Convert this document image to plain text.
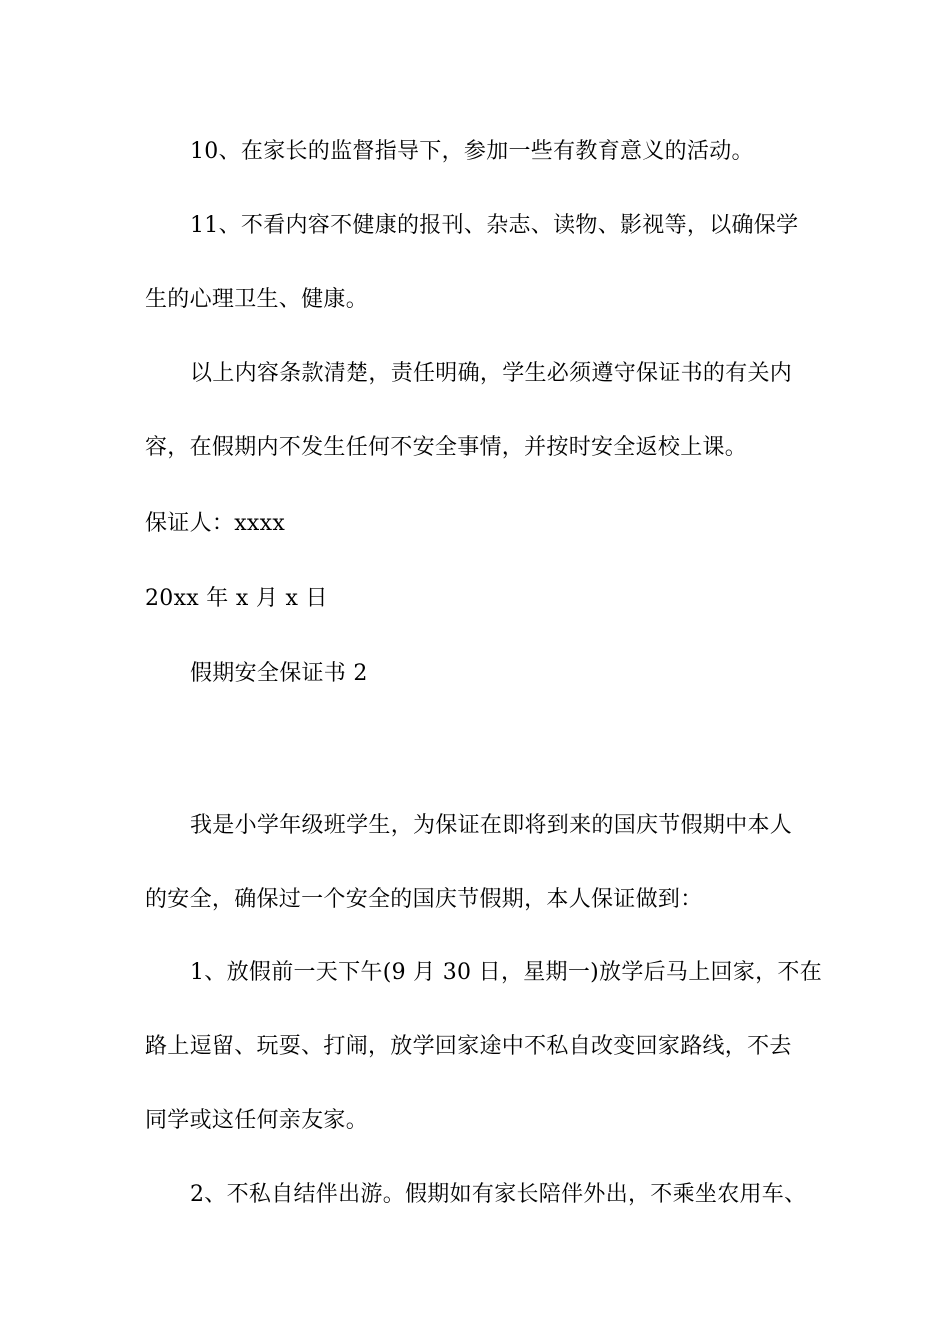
10、在家长的监督指导下，参加一些有教育意义的活动。
11、不看内容不健康的报刊、杂志、读物、影视等，以确保学
生的心理卫生、健康。
以上内容条款清楚，责任明确，学生必须遵守保证书的有关内
容，在假期内不发生任何不安全事情，并按时安全返校上课。
保证人：xxxx
20xx 年 x 月 x 日
假期安全保证书 2
我是小学年级班学生，为保证在即将到来的国庆节假期中本人
的安全，确保过一个安全的国庆节假期，本人保证做到：
1、放假前一天下午(9 月 30 日，星期一)放学后马上回家，不在
路上逗留、玩耍、打闹，放学回家途中不私自改变回家路线，不去
同学或这任何亲友家。
2、不私自结伴出游。假期如有家长陪伴外出，不乘坐农用车、
